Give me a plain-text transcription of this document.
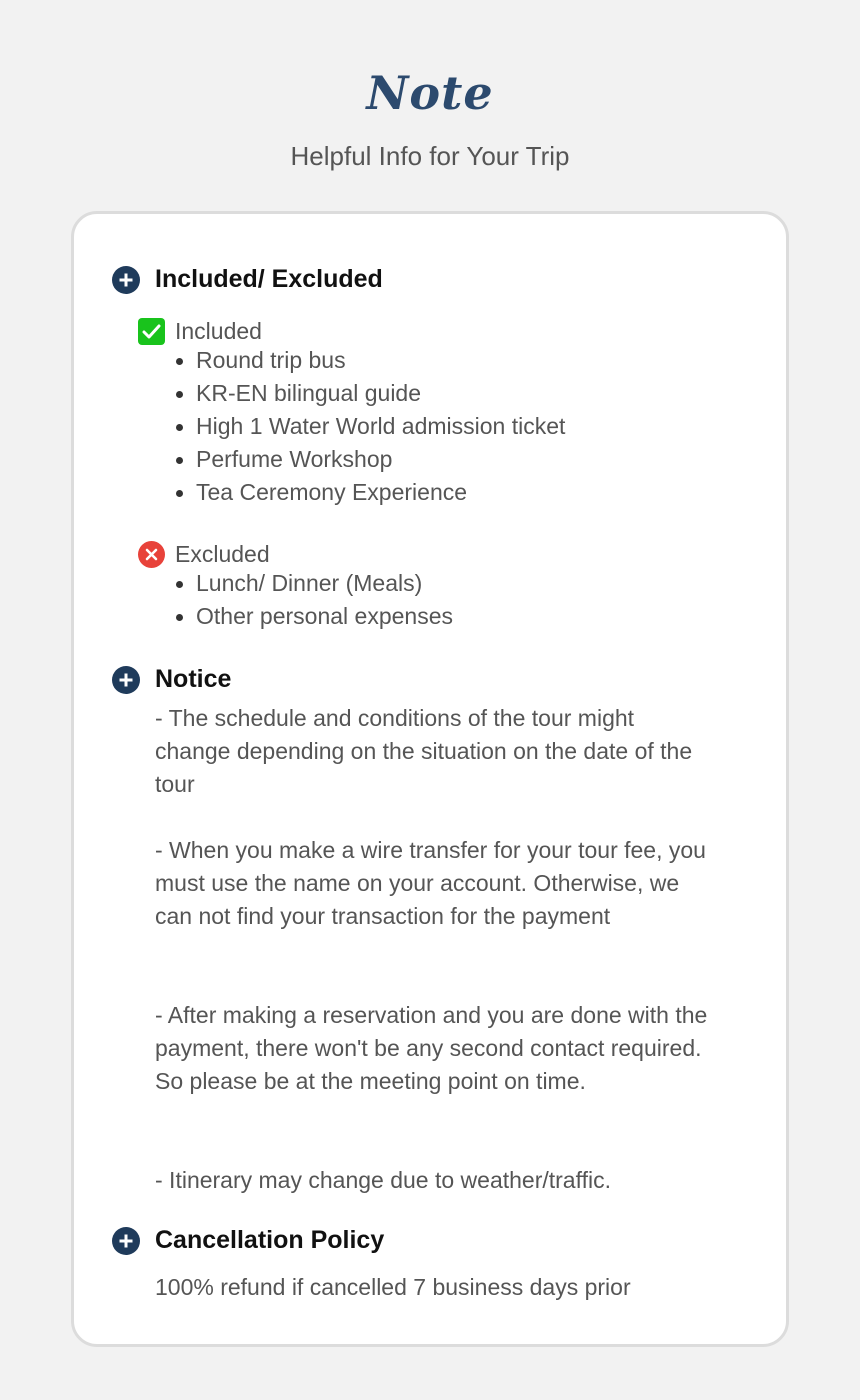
Note
Helpful Info for Your Trip
Included/ Excluded
Included
Round trip bus
KR-EN bilingual guide
High 1 Water World admission ticket
Perfume Workshop
Tea Ceremony Experience
Excluded
Lunch/ Dinner (Meals)
Other personal expenses
Notice
- The schedule and conditions of the tour might change depending on the situation on the date of the tour
- When you make a wire transfer for your tour fee, you must use the name on your account. Otherwise, we can not find your transaction for the payment
- After making a reservation and you are done with the payment, there won't be any second contact required. So please be at the meeting point on time.
- Itinerary may change due to weather/traffic.
Cancellation Policy
100% refund if cancelled 7 business days prior
